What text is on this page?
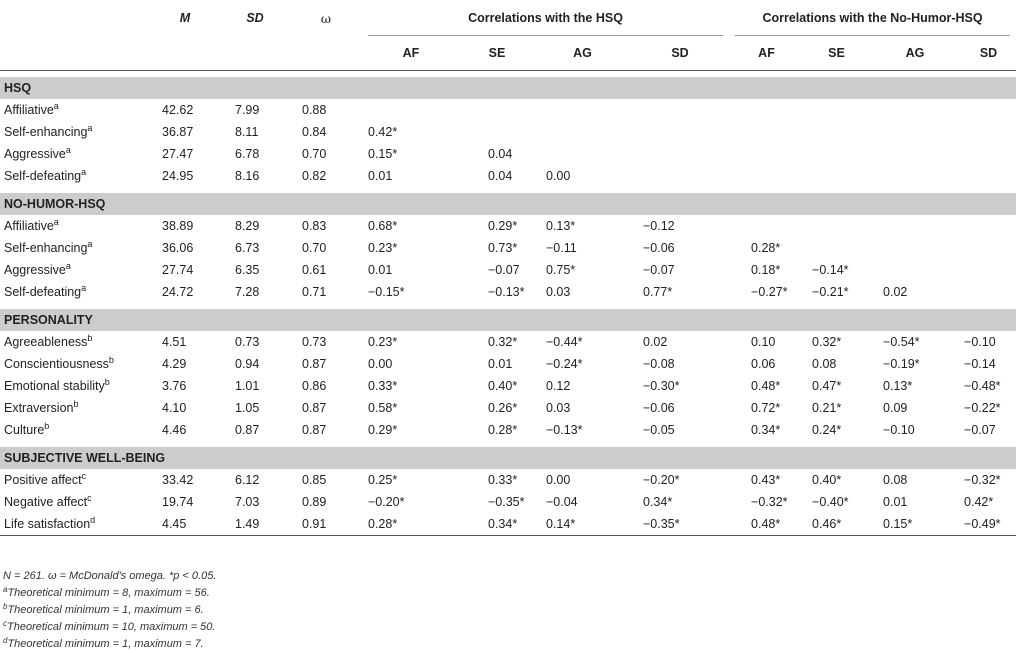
	M	SD	ω	Correlations with the HSQ				Correlations with the No-Humor-HSQ			
				AF	SE	AG	SD	AF	SE	AG	SD

HSQ											
Affiliative$^a$	42.62	7.99	0.88								
Self-enhancing$^a$	36.87	8.11	0.84	0.42*							
Aggressive$^a$	27.47	6.78	0.70	0.15*	0.04						
Self-defeating$^a$	24.95	8.16	0.82	0.01	0.04	0.00					

NO-HUMOR-HSQ											
Affiliative$^a$	38.89	8.29	0.83	0.68*	0.29*	0.13*	−0.12				
Self-enhancing$^a$	36.06	6.73	0.70	0.23*	0.73*	−0.11	−0.06	0.28*			
Aggressive$^a$	27.74	6.35	0.61	0.01	−0.07	0.75*	−0.07	0.18*	−0.14*		
Self-defeating$^a$	24.72	7.28	0.71	−0.15*	−0.13*	0.03	0.77*	−0.27*	−0.21*	0.02	

PERSONALITY											
Agreeableness$^b$	4.51	0.73	0.73	0.23*	0.32*	−0.44*	0.02	0.10	0.32*	−0.54*	−0.10
Conscientiousness$^b$	4.29	0.94	0.87	0.00	0.01	−0.24*	−0.08	0.06	0.08	−0.19*	−0.14
Emotional stability$^b$	3.76	1.01	0.86	0.33*	0.40*	0.12	−0.30*	0.48*	0.47*	0.13*	−0.48*
Extraversion$^b$	4.10	1.05	0.87	0.58*	0.26*	0.03	−0.06	0.72*	0.21*	0.09	−0.22*
Culture$^b$	4.46	0.87	0.87	0.29*	0.28*	−0.13*	−0.05	0.34*	0.24*	−0.10	−0.07

SUBJECTIVE WELL-BEING											
Positive affect$^c$	33.42	6.12	0.85	0.25*	0.33*	0.00	−0.20*	0.43*	0.40*	0.08	−0.32*
Negative affect$^c$	19.74	7.03	0.89	−0.20*	−0.35*	−0.04	0.34*	−0.32*	−0.40*	0.01	0.42*
Life satisfaction$^d$	4.45	1.49	0.91	0.28*	0.34*	0.14*	−0.35*	0.48*	0.46*	0.15*	−0.49*

N = 261. ω = McDonald's omega. *p < 0.05.
$^a$Theoretical minimum = 8, maximum = 56.
$^b$Theoretical minimum = 1, maximum = 6.
$^c$Theoretical minimum = 10, maximum = 50.
$^d$Theoretical minimum = 1, maximum = 7.
